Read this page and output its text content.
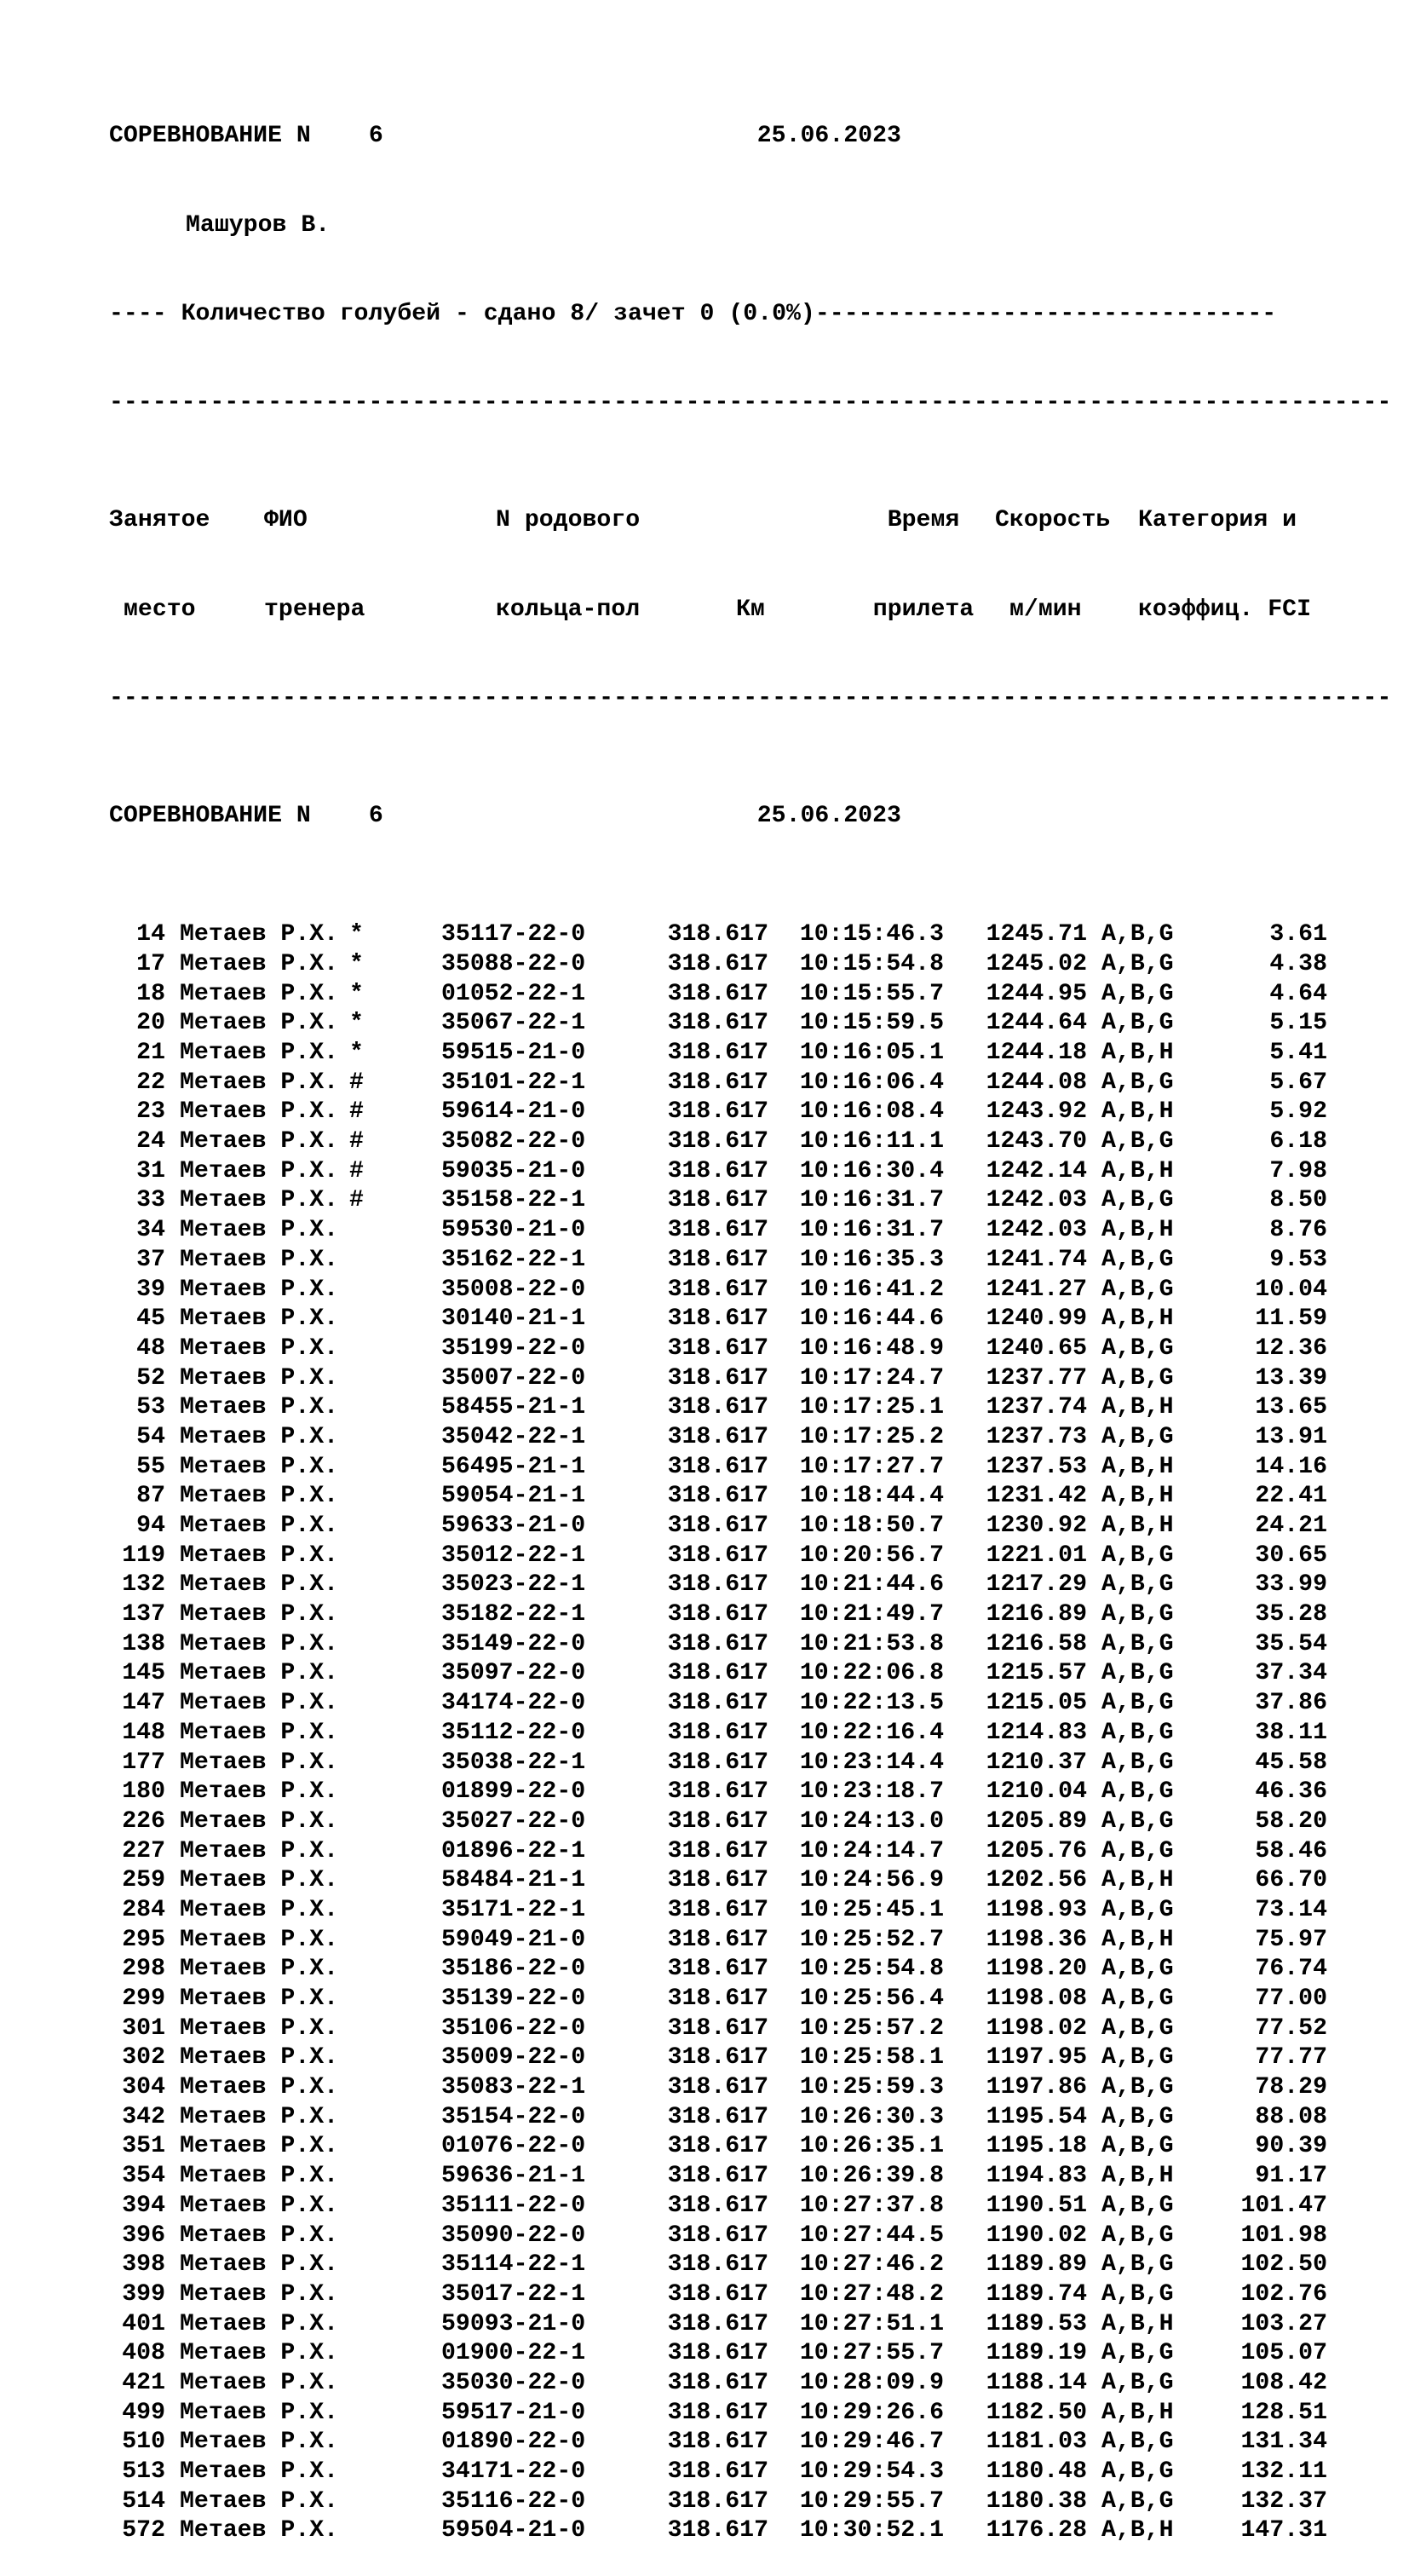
СОРЕВНОВАНИЕ N 6	25.06.2023

Машуров В.

---- Количество голубей - сдано 8/ зачет 0 (0.0%)--------------------------------

-----------------------------------------------------------------------------------------

Занятое ФИО	N родового	Время Скорость Категория и

место	тренера	кольца-пол	Км	прилета м/мин коэффиц. FCI

-----------------------------------------------------------------------------------------

СОРЕВНОВАНИЕ N 6	25.06.2023

14 Метаев Р.Х. *	35117-22-0	318.617 10:15:46.3 1245.71 A,B,G	3.61
17 Метаев Р.Х. *	35088-22-0	318.617 10:15:54.8 1245.02 A,B,G	4.38
18 Метаев Р.Х. *	01052-22-1	318.617 10:15:55.7 1244.95 A,B,G	4.64
20 Метаев Р.Х. *	35067-22-1	318.617 10:15:59.5 1244.64 A,B,G	5.15
21 Метаев Р.Х. *	59515-21-0	318.617 10:16:05.1 1244.18 A,B,H	5.41
22 Метаев Р.Х. #	35101-22-1	318.617 10:16:06.4 1244.08 A,B,G	5.67
23 Метаев Р.Х. #	59614-21-0	318.617 10:16:08.4 1243.92 A,B,H	5.92
24 Метаев Р.Х. #	35082-22-0	318.617 10:16:11.1 1243.70 A,B,G	6.18
31 Метаев Р.Х. #	59035-21-0	318.617 10:16:30.4 1242.14 A,B,H	7.98
33 Метаев Р.Х. #	35158-22-1	318.617 10:16:31.7 1242.03 A,B,G	8.50
34 Метаев Р.Х.	59530-21-0	318.617 10:16:31.7 1242.03 A,B,H	8.76
37 Метаев Р.Х.	35162-22-1	318.617 10:16:35.3 1241.74 A,B,G	9.53
39 Метаев Р.Х.	35008-22-0	318.617 10:16:41.2 1241.27 A,B,G	10.04
45 Метаев Р.Х.	30140-21-1	318.617 10:16:44.6 1240.99 A,B,H	11.59
48 Метаев Р.Х.	35199-22-0	318.617 10:16:48.9 1240.65 A,B,G	12.36
52 Метаев Р.Х.	35007-22-0	318.617 10:17:24.7 1237.77 A,B,G	13.39
53 Метаев Р.Х.	58455-21-1	318.617 10:17:25.1 1237.74 A,B,H	13.65
54 Метаев Р.Х.	35042-22-1	318.617 10:17:25.2 1237.73 A,B,G	13.91
55 Метаев Р.Х.	56495-21-1	318.617 10:17:27.7 1237.53 A,B,H	14.16
87 Метаев Р.Х.	59054-21-1	318.617 10:18:44.4 1231.42 A,B,H	22.41
94 Метаев Р.Х.	59633-21-0	318.617 10:18:50.7 1230.92 A,B,H	24.21
119 Метаев Р.Х.	35012-22-1	318.617 10:20:56.7 1221.01 A,B,G	30.65
132 Метаев Р.Х.	35023-22-1	318.617 10:21:44.6 1217.29 A,B,G	33.99
137 Метаев Р.Х.	35182-22-1	318.617 10:21:49.7 1216.89 A,B,G	35.28
138 Метаев Р.Х.	35149-22-0	318.617 10:21:53.8 1216.58 A,B,G	35.54
145 Метаев Р.Х.	35097-22-0	318.617 10:22:06.8 1215.57 A,B,G	37.34
147 Метаев Р.Х.	34174-22-0	318.617 10:22:13.5 1215.05 A,B,G	37.86
148 Метаев Р.Х.	35112-22-0	318.617 10:22:16.4 1214.83 A,B,G	38.11
177 Метаев Р.Х.	35038-22-1	318.617 10:23:14.4 1210.37 A,B,G	45.58
180 Метаев Р.Х.	01899-22-0	318.617 10:23:18.7 1210.04 A,B,G	46.36
226 Метаев Р.Х.	35027-22-0	318.617 10:24:13.0 1205.89 A,B,G	58.20
227 Метаев Р.Х.	01896-22-1	318.617 10:24:14.7 1205.76 A,B,G	58.46
259 Метаев Р.Х.	58484-21-1	318.617 10:24:56.9 1202.56 A,B,H	66.70
284 Метаев Р.Х.	35171-22-1	318.617 10:25:45.1 1198.93 A,B,G	73.14
295 Метаев Р.Х.	59049-21-0	318.617 10:25:52.7 1198.36 A,B,H	75.97
298 Метаев Р.Х.	35186-22-0	318.617 10:25:54.8 1198.20 A,B,G	76.74
299 Метаев Р.Х.	35139-22-0	318.617 10:25:56.4 1198.08 A,B,G	77.00
301 Метаев Р.Х.	35106-22-0	318.617 10:25:57.2 1198.02 A,B,G	77.52
302 Метаев Р.Х.	35009-22-0	318.617 10:25:58.1 1197.95 A,B,G	77.77
304 Метаев Р.Х.	35083-22-1	318.617 10:25:59.3 1197.86 A,B,G	78.29
342 Метаев Р.Х.	35154-22-0	318.617 10:26:30.3 1195.54 A,B,G	88.08
351 Метаев Р.Х.	01076-22-0	318.617 10:26:35.1 1195.18 A,B,G	90.39
354 Метаев Р.Х.	59636-21-1	318.617 10:26:39.8 1194.83 A,B,H	91.17
394 Метаев Р.Х.	35111-22-0	318.617 10:27:37.8 1190.51 A,B,G	101.47
396 Метаев Р.Х.	35090-22-0	318.617 10:27:44.5 1190.02 A,B,G	101.98
398 Метаев Р.Х.	35114-22-1	318.617 10:27:46.2 1189.89 A,B,G	102.50
399 Метаев Р.Х.	35017-22-1	318.617 10:27:48.2 1189.74 A,B,G	102.76
401 Метаев Р.Х.	59093-21-0	318.617 10:27:51.1 1189.53 A,B,H	103.27
408 Метаев Р.Х.	01900-22-1	318.617 10:27:55.7 1189.19 A,B,G	105.07
421 Метаев Р.Х.	35030-22-0	318.617 10:28:09.9 1188.14 A,B,G	108.42
499 Метаев Р.Х.	59517-21-0	318.617 10:29:26.6 1182.50 A,B,H	128.51
510 Метаев Р.Х.	01890-22-0	318.617 10:29:46.7 1181.03 A,B,G	131.34
513 Метаев Р.Х.	34171-22-0	318.617 10:29:54.3 1180.48 A,B,G	132.11
514 Метаев Р.Х.	35116-22-0	318.617 10:29:55.7 1180.38 A,B,G	132.37
572 Метаев Р.Х.	59504-21-0	318.617 10:30:52.1 1176.28 A,B,H	147.31
